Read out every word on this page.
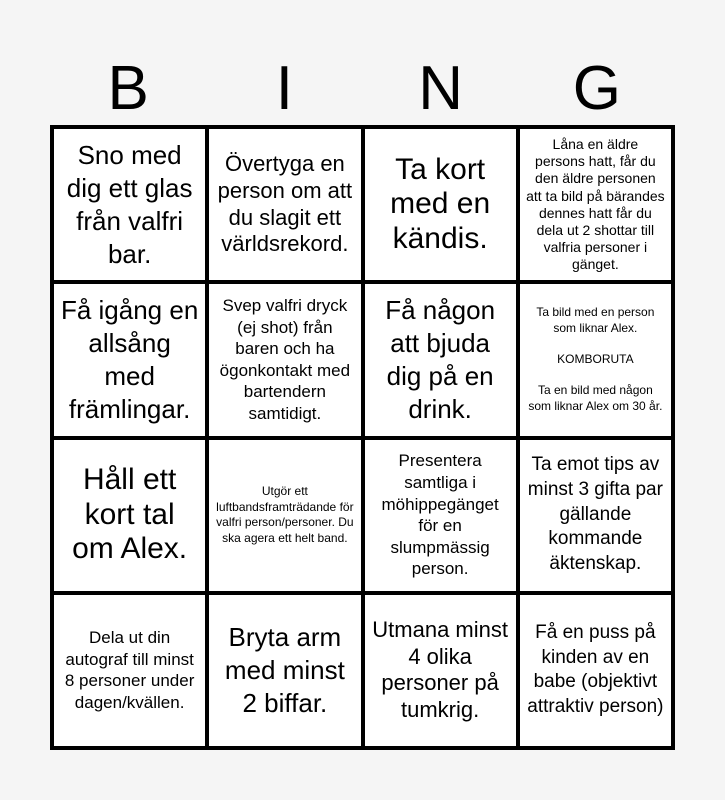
B	I	N	G
Sno med dig ett glas från valfri bar.
Övertyga en person om att du slagit ett världsrekord.
Ta kort med en kändis.
Låna en äldre persons hatt, får du den äldre personen att ta bild på bärandes dennes hatt får du dela ut 2 shottar till valfria personer i gänget.
Få igång en allsång med främlingar.
Svep valfri dryck (ej shot) från baren och ha ögonkontakt med bartendern samtidigt.
Få någon att bjuda dig på en drink.
Ta bild med en person som liknar Alex.

KOMBORUTA

Ta en bild med någon som liknar Alex om 30 år.
Håll ett kort tal om Alex.
Utgör ett luftbandsframträdande för valfri person/personer. Du ska agera ett helt band.
Presentera samtliga i möhippegänget för en slumpmässig person.
Ta emot tips av minst 3 gifta par gällande kommande äktenskap.
Dela ut din autograf till minst 8 personer under dagen/kvällen.
Bryta arm med minst 2 biffar.
Utmana minst 4 olika personer på tumkrig.
Få en puss på kinden av en babe (objektivt attraktiv person)
